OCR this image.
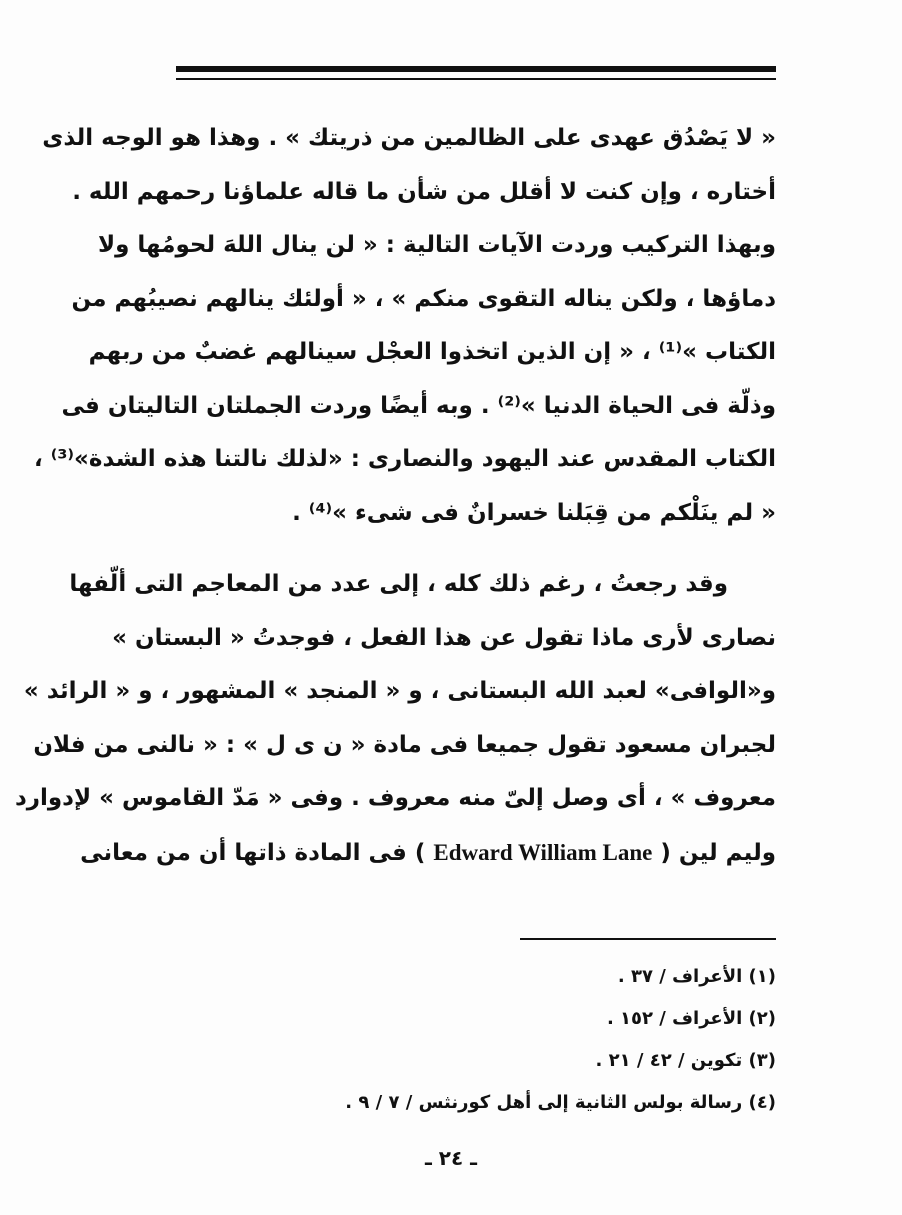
« لا يَصْدُق عهدى على الظالمين من ذريتك » . وهذا هو الوجه الذى
أختاره ، وإن كنت لا أقلل من شأن ما قاله علماؤنا رحمهم الله .
وبهذا التركيب وردت الآيات التالية : « لن ينال اللهَ لحومُها ولا
دماؤها ، ولكن يناله التقوى منكم » ، « أولئك ينالهم نصيبُهم من
الكتاب »⁽¹⁾ ، « إن الذين اتخذوا العجْل سينالهم غضبٌ من ربهم
وذلّة فى الحياة الدنيا »⁽²⁾ . وبه أيضًا وردت الجملتان التاليتان فى
الكتاب المقدس عند اليهود والنصارى : «لذلك نالتنا هذه الشدة»⁽³⁾ ،
« لم ينَلْكم من قِبَلنا خسرانٌ فى شىء »⁽⁴⁾ .
وقد رجعتُ ، رغم ذلك كله ، إلى عدد من المعاجم التى ألّفها
نصارى لأرى ماذا تقول عن هذا الفعل ، فوجدتُ « البستان »
و«الوافى» لعبد الله البستانى ، و « المنجد » المشهور ، و « الرائد »
لجبران مسعود تقول جميعا فى مادة « ن ى ل » : « نالنى من فلان
معروف » ، أى وصل إلىّ منه معروف . وفى « مَدّ القاموس » لإدوارد
وليم لين ( Edward William Lane ) فى المادة ذاتها أن من معانى
(١) الأعراف / ٣٧ .
(٢) الأعراف / ١٥٢ .
(٣) تكوين / ٤٢ / ٢١ .
(٤) رسالة بولس الثانية إلى أهل كورنثس / ٧ / ٩ .
ـ ٢٤ ـ
